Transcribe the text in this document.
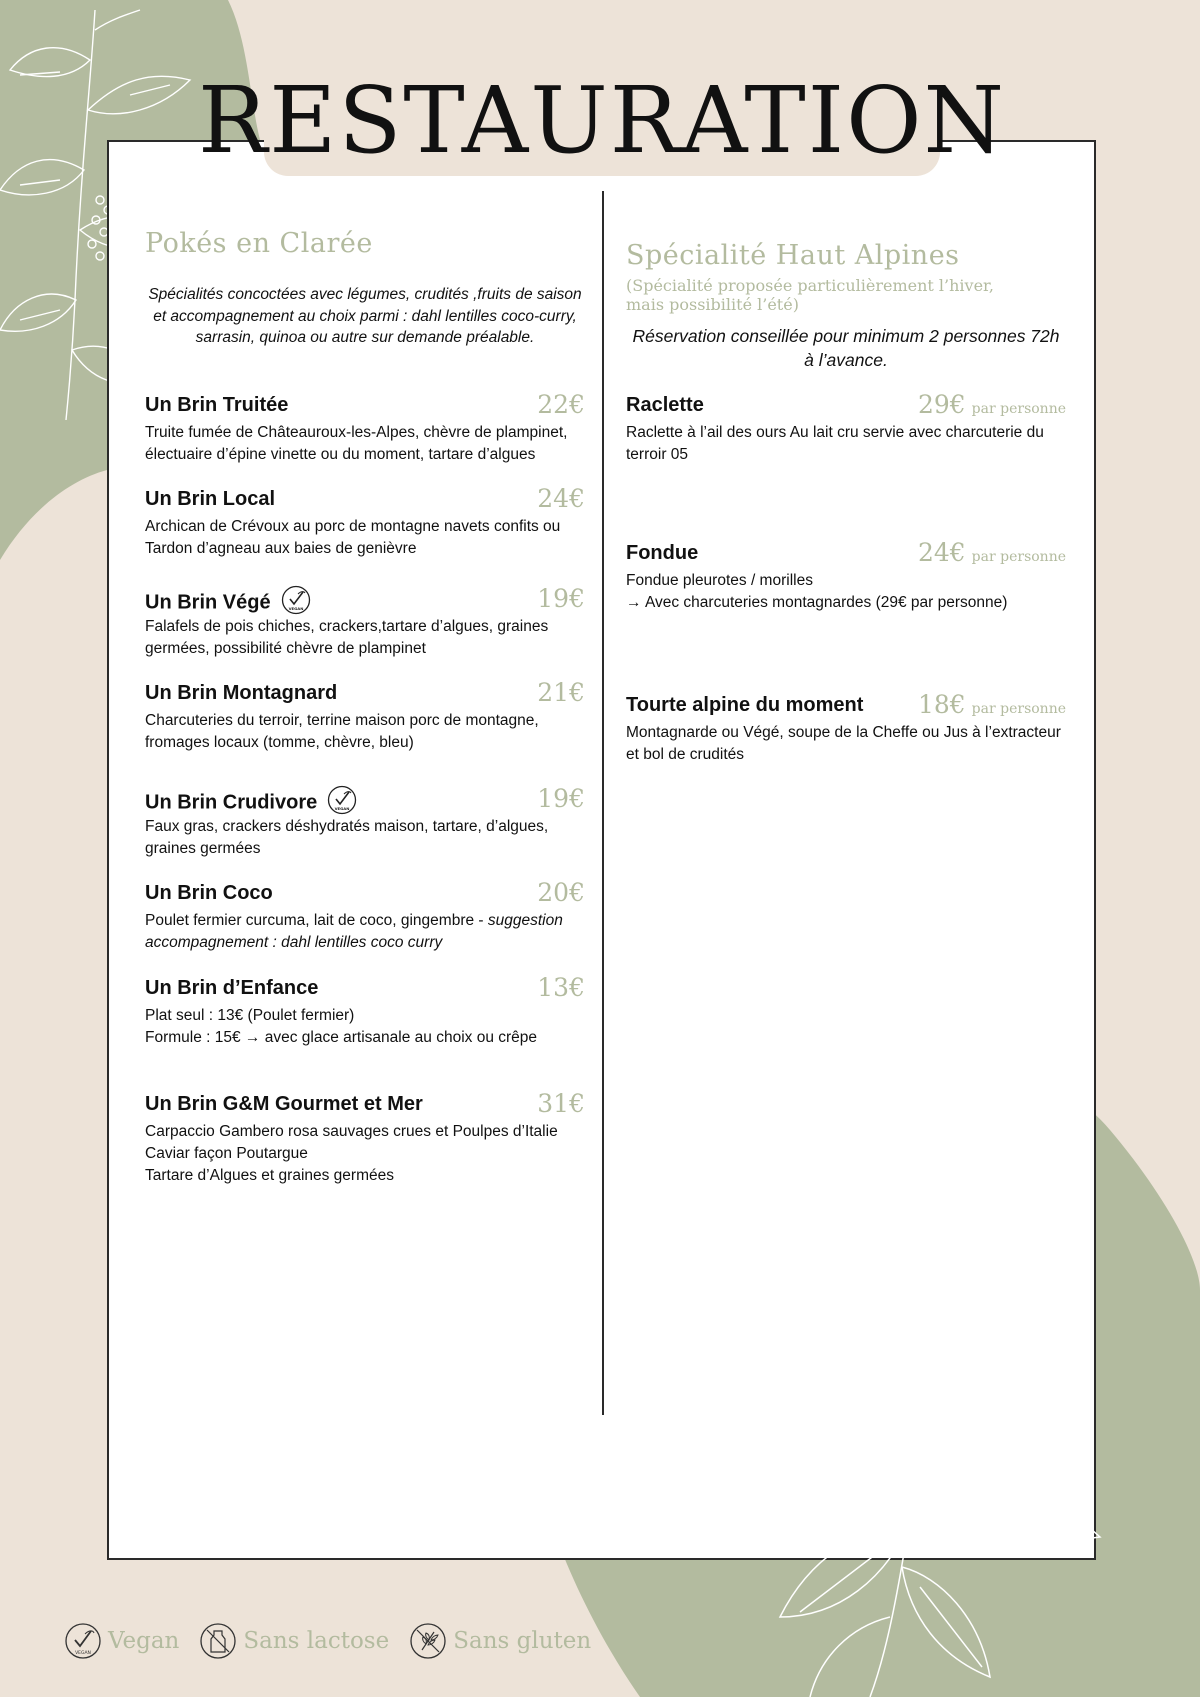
RESTAURATION
Pokés en Clarée
Spécialités concoctées avec légumes, crudités ,fruits de saison et accompagnement au choix parmi : dahl lentilles coco-curry, sarrasin, quinoa ou autre sur demande préalable.
Un Brin Truitée	22€
Truite fumée de Châteauroux-les-Alpes, chèvre de plampinet, électuaire d’épine vinette ou du moment, tartare d’algues
Un Brin Local	24€
Archican de Crévoux au porc de montagne navets confits ou Tardon d’agneau aux baies de genièvre
Un Brin Végé	VEGAN	19€
Falafels de pois chiches, crackers,tartare d’algues, graines germées, possibilité chèvre de plampinet
Un Brin Montagnard	21€
Charcuteries du terroir, terrine maison porc de montagne, fromages locaux (tomme, chèvre, bleu)
Un Brin Crudivore	VEGAN	19€
Faux gras, crackers déshydratés maison, tartare, d’algues, graines germées
Un Brin Coco	20€
Poulet fermier curcuma, lait de coco, gingembre - suggestion accompagnement : dahl lentilles coco curry
Un Brin d’Enfance	13€
Plat seul : 13€ (Poulet fermier)
Formule : 15€ → avec glace artisanale au choix ou crêpe
Un Brin G&M Gourmet et Mer	31€
Carpaccio Gambero rosa sauvages crues et Poulpes d’Italie
Caviar façon Poutargue
Tartare d’Algues et graines germées
Spécialité Haut Alpines
(Spécialité proposée particulièrement l’hiver,
mais possibilité l’été)
Réservation conseillée pour minimum 2 personnes 72h à l’avance.
Raclette	29€ par personne
Raclette à l’ail des ours Au lait cru servie avec charcuterie du terroir 05
Fondue	24€ par personne
Fondue pleurotes / morilles
→ Avec charcuteries montagnardes (29€ par personne)
Tourte alpine du moment 18€ par personne
Montagnarde ou Végé, soupe de la Cheffe ou Jus à l’extracteur et bol de crudités
VEGAN Vegan	Sans lactose	Sans gluten
